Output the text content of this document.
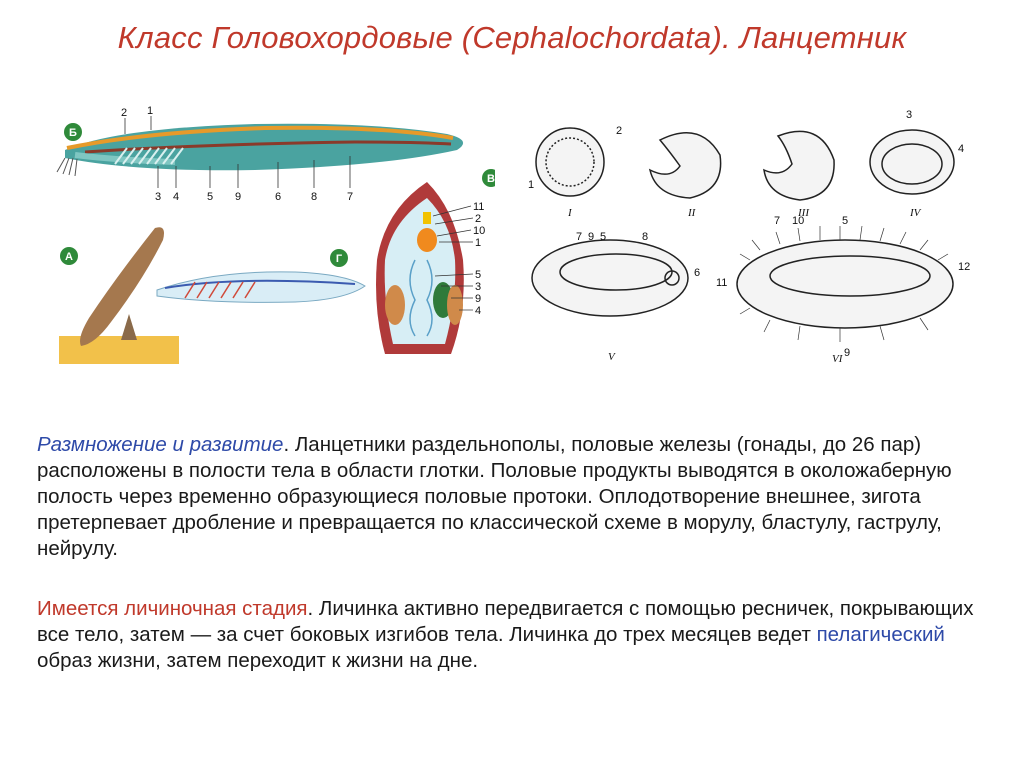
Класс Головохордовые (Cephalochordata). Ланцетник
Б
2 1
3 4	5 9	6	8	7
В
11
2
10
1
5
3
9
4
А	Г
I	II	III	IV
V	VI
2
1
3
4
7 9 5	8
6
7 10	5
12
11
9
Размножение и развитие. Ланцетники раздельнополы, половые железы (гонады, до 26 пар) расположены в полости тела в области глотки. Половые продукты выводятся в околожаберную полость через временно образующиеся половые протоки. Оплодотворение внешнее, зигота претерпевает дробление и превращается по классической схеме в морулу, бластулу, гаструлу, нейрулу.
Имеется личиночная стадия. Личинка активно передвигается с помощью ресничек, покрывающих все тело, затем — за счет боковых изгибов тела. Личинка до трех месяцев ведет пелагический образ жизни, затем переходит к жизни на дне.
